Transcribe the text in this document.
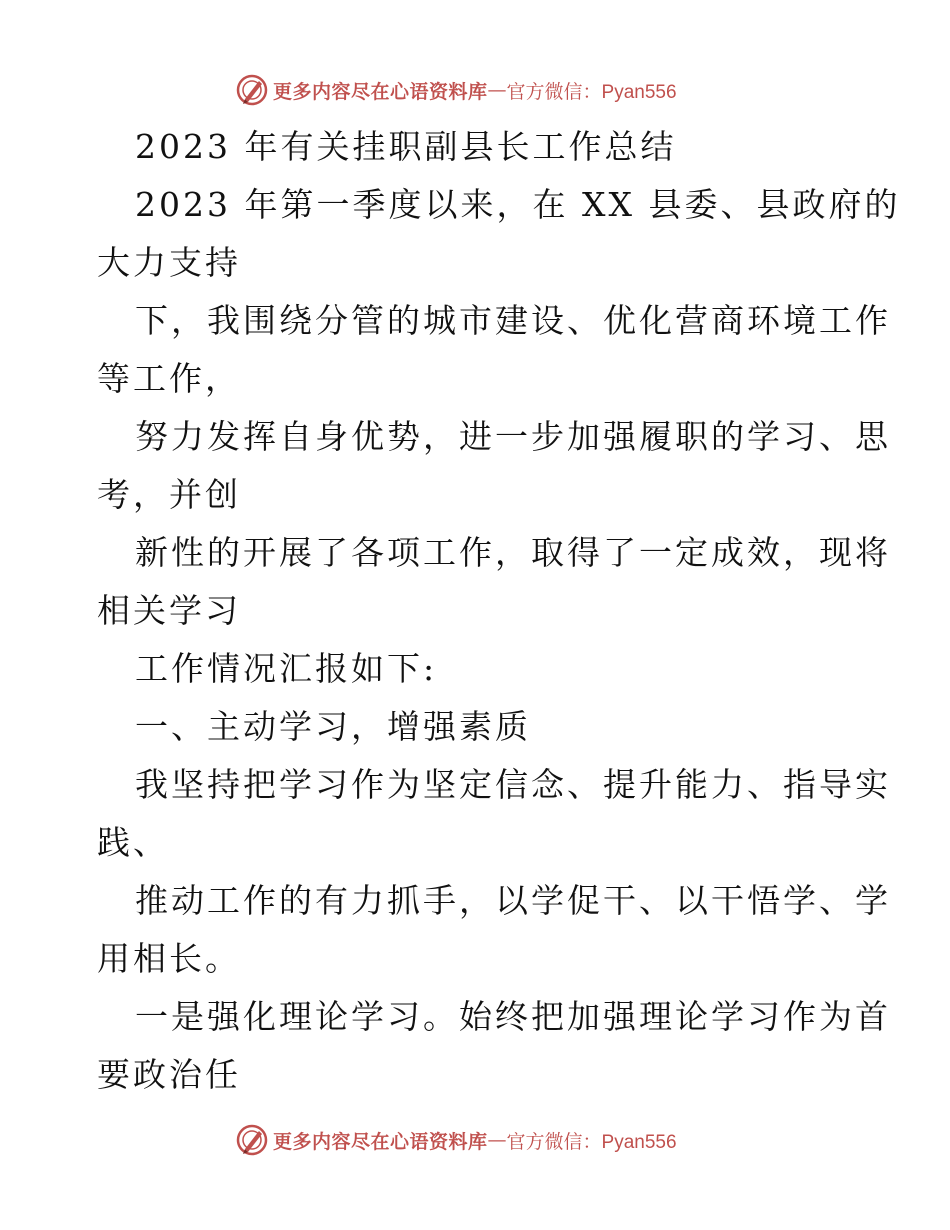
更多内容尽在心语资料库 — 官方微信：Pyan556

2023 年有关挂职副县长工作总结

2023 年第一季度以来，在 XX 县委、县政府的

大力支持

下，我围绕分管的城市建设、优化营商环境工作

等工作，

努力发挥自身优势，进一步加强履职的学习、思

考，并创

新性的开展了各项工作，取得了一定成效，现将

相关学习

工作情况汇报如下:

一、主动学习，增强素质

我坚持把学习作为坚定信念、提升能力、指导实

践、

推动工作的有力抓手，以学促干、以干悟学、学

用相长。

一是强化理论学习。始终把加强理论学习作为首

要政治任

更多内容尽在心语资料库 — 官方微信：Pyan556
